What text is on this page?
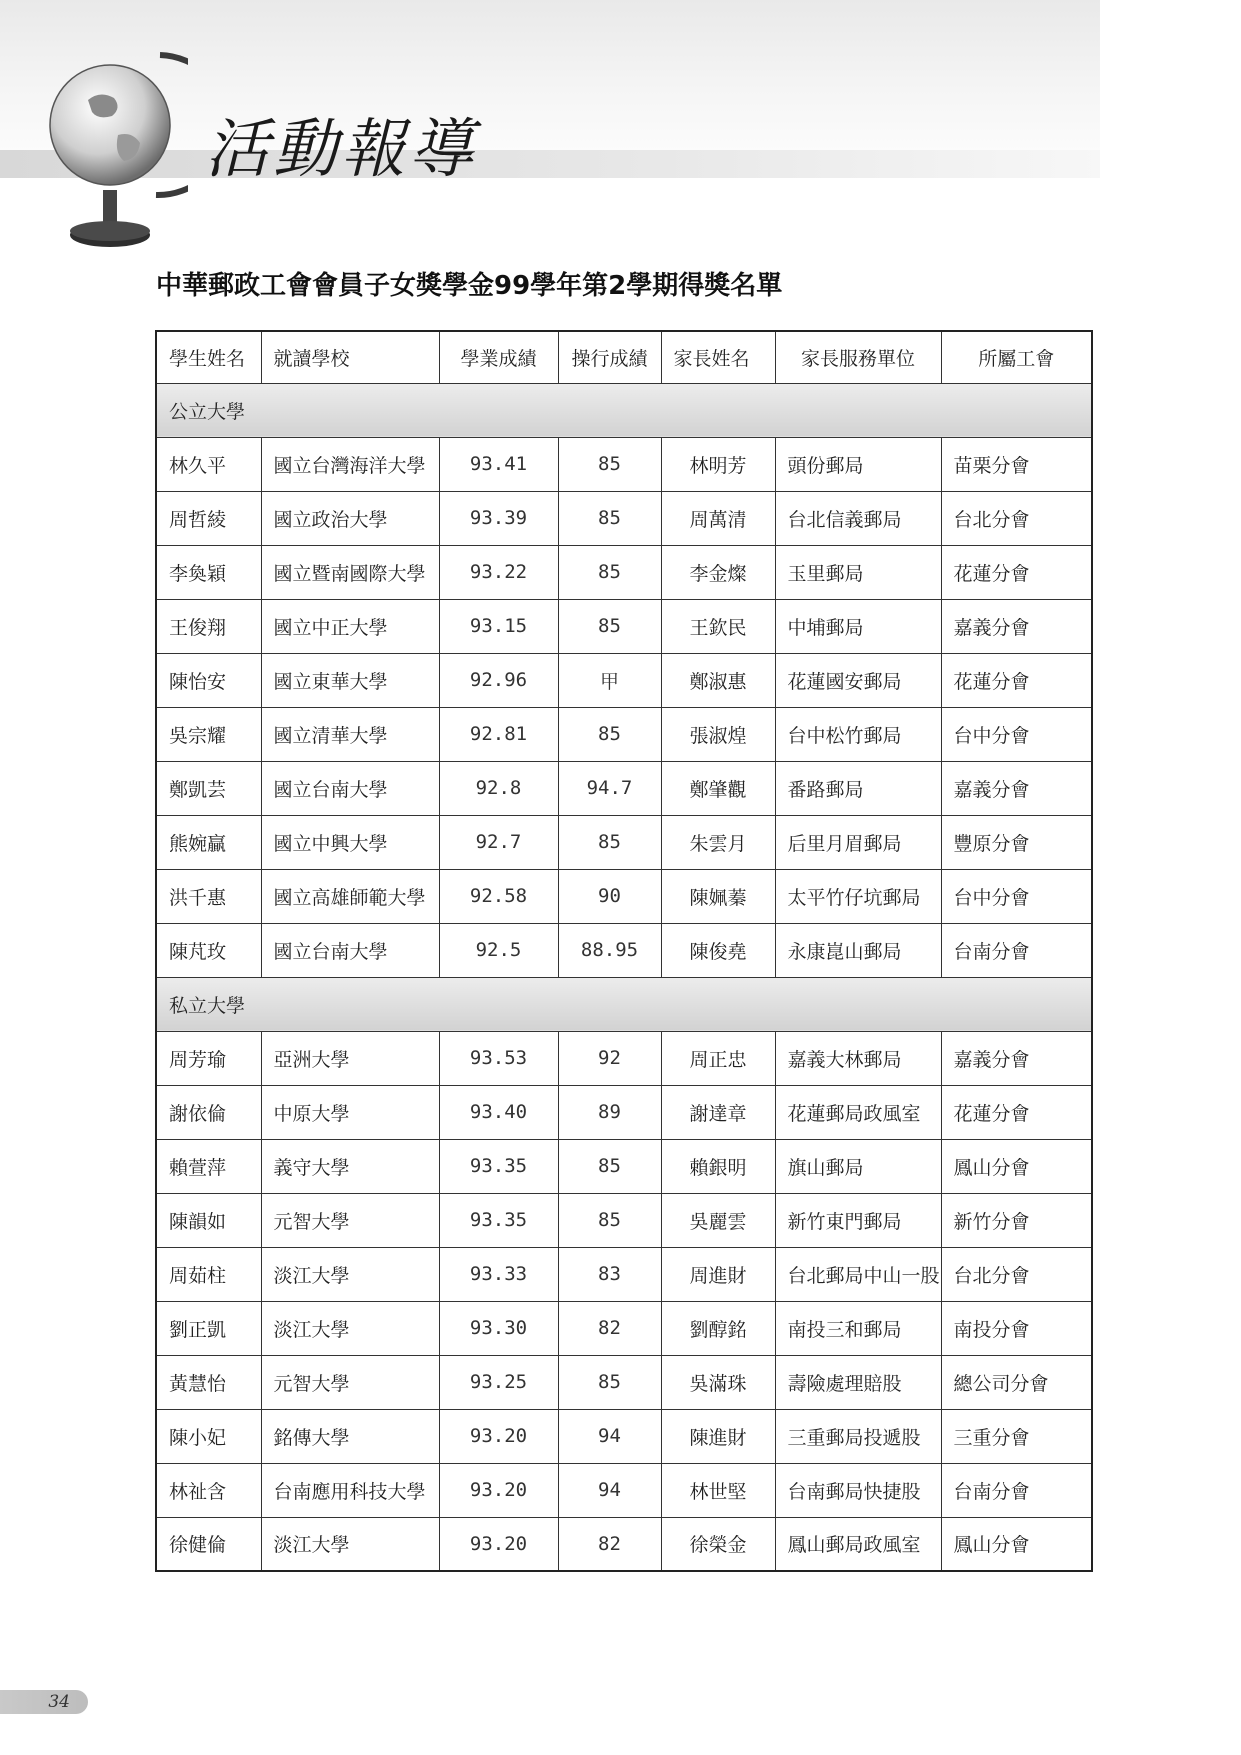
活動報導
中華郵政工會會員子女獎學金99學年第2學期得獎名單
學生姓名	就讀學校	學業成績	操行成績	家長姓名	家長服務單位	所屬工會
公立大學						
林久平	國立台灣海洋大學	93.41	85	林明芳	頭份郵局	苗栗分會
周哲綾	國立政治大學	93.39	85	周萬清	台北信義郵局	台北分會
李奐穎	國立暨南國際大學	93.22	85	李金燦	玉里郵局	花蓮分會
王俊翔	國立中正大學	93.15	85	王欽民	中埔郵局	嘉義分會
陳怡安	國立東華大學	92.96	甲	鄭淑惠	花蓮國安郵局	花蓮分會
吳宗耀	國立清華大學	92.81	85	張淑煌	台中松竹郵局	台中分會
鄭凱芸	國立台南大學	92.8	94.7	鄭肇觀	番路郵局	嘉義分會
熊婉贏	國立中興大學	92.7	85	朱雲月	后里月眉郵局	豐原分會
洪千惠	國立高雄師範大學	92.58	90	陳姵蓁	太平竹仔坑郵局	台中分會
陳芃玫	國立台南大學	92.5	88.95	陳俊堯	永康崑山郵局	台南分會
私立大學						
周芳瑜	亞洲大學	93.53	92	周正忠	嘉義大林郵局	嘉義分會
謝依倫	中原大學	93.40	89	謝達章	花蓮郵局政風室	花蓮分會
賴萱萍	義守大學	93.35	85	賴銀明	旗山郵局	鳳山分會
陳韻如	元智大學	93.35	85	吳麗雲	新竹東門郵局	新竹分會
周茹柱	淡江大學	93.33	83	周進財	台北郵局中山一股	台北分會
劉正凱	淡江大學	93.30	82	劉醇銘	南投三和郵局	南投分會
黃慧怡	元智大學	93.25	85	吳滿珠	壽險處理賠股	總公司分會
陳小妃	銘傳大學	93.20	94	陳進財	三重郵局投遞股	三重分會
林祉含	台南應用科技大學	93.20	94	林世堅	台南郵局快捷股	台南分會
徐健倫	淡江大學	93.20	82	徐榮金	鳳山郵局政風室	鳳山分會
34
